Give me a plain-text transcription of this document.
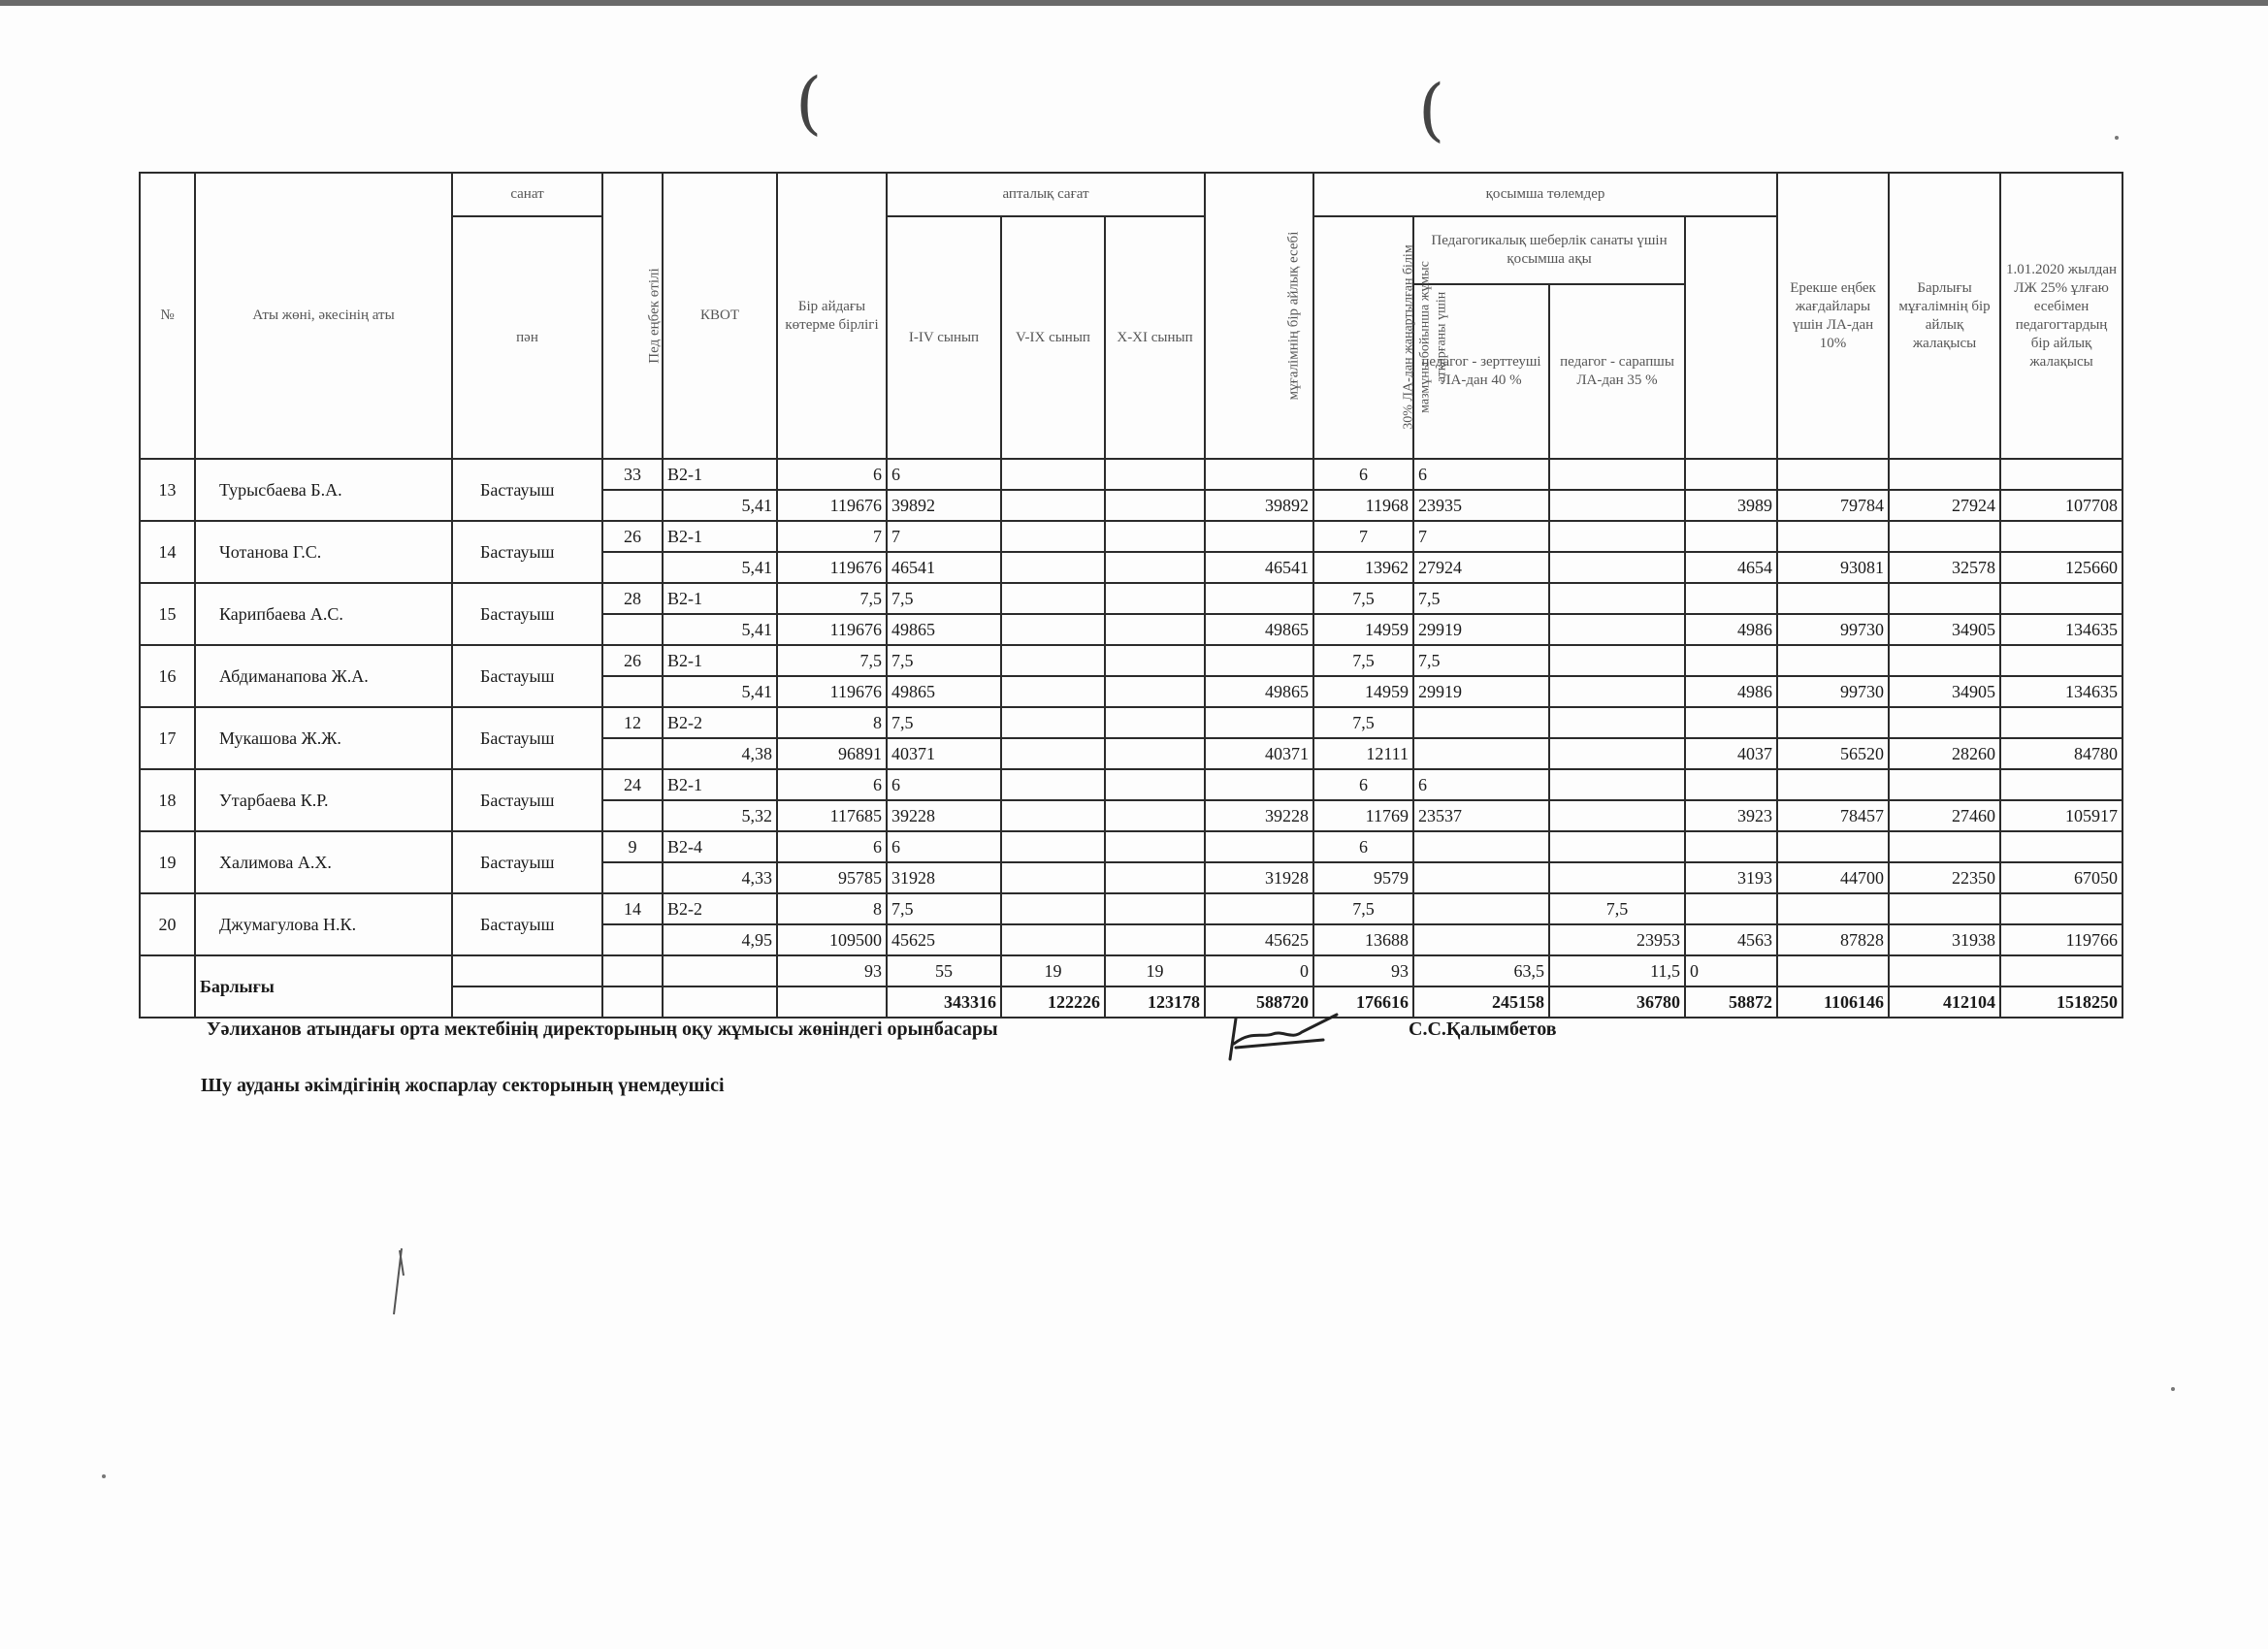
(	(
№	Аты жөні, әкесінің аты	санат	Пед еңбек өтілі	КВОТ	Бір айдағы көтерме бірлігі	апталық сағат			мұғалімнің бір айлық есебі	қосымша төлемдер				Ерекше еңбек жағдайлары үшін ЛА-дан 10%	Барлығы мұғалімнің бір айлық жалақысы	1.01.2020 жылдан ЛЖ 25% ұлғаю есебімен педагогтардың бір айлық жалақысы	
		пән				I-IV сынып	V-IX сынып	X-XI сынып		30% ЛА-дан жаңартылған білім мазмұны бойынша жұмыс атқарғаны үшін	Педагогикалық шеберлік санаты үшін қосымша ақы						
											педагог - зерттеуші ЛА-дан 40 %	педагог - сарапшы ЛА-дан 35 %					
13	Турысбаева Б.А.	Бастауыш	33	B2-1	6	6				6	6						
				5,41	119676	39892			39892	11968	23935		3989	79784	27924	107708	
14	Чотанова Г.С.	Бастауыш	26	B2-1	7	7				7	7						
				5,41	119676	46541			46541	13962	27924		4654	93081	32578	125660	
15	Карипбаева А.С.	Бастауыш	28	B2-1	7,5	7,5				7,5	7,5						
				5,41	119676	49865			49865	14959	29919		4986	99730	34905	134635	
16	Абдиманапова Ж.А.	Бастауыш	26	B2-1	7,5	7,5				7,5	7,5						
				5,41	119676	49865			49865	14959	29919		4986	99730	34905	134635	
17	Мукашова Ж.Ж.	Бастауыш	12	B2-2	8	7,5				7,5							
				4,38	96891	40371			40371	12111			4037	56520	28260	84780	
18	Утарбаева К.Р.	Бастауыш	24	B2-1	6	6				6	6						
				5,32	117685	39228			39228	11769	23537		3923	78457	27460	105917	
19	Халимова А.Х.	Бастауыш	9	B2-4	6	6				6							
				4,33	95785	31928			31928	9579			3193	44700	22350	67050	
20	Джумагулова Н.К.	Бастауыш	14	B2-2	8	7,5				7,5		7,5					
				4,95	109500	45625			45625	13688		23953	4563	87828	31938	119766	
	Барлығы				93	55	19	19	0	93	63,5	11,5	0				
						343316	122226	123178	588720	176616	245158	36780	58872	1106146	412104	1518250	
Уәлиханов атындағы орта мектебінің директорының оқу жұмысы жөніндегі орынбасары	С.С.Қалымбетов
Шу ауданы әкімдігінің жоспарлау секторының үнемдеушісі
